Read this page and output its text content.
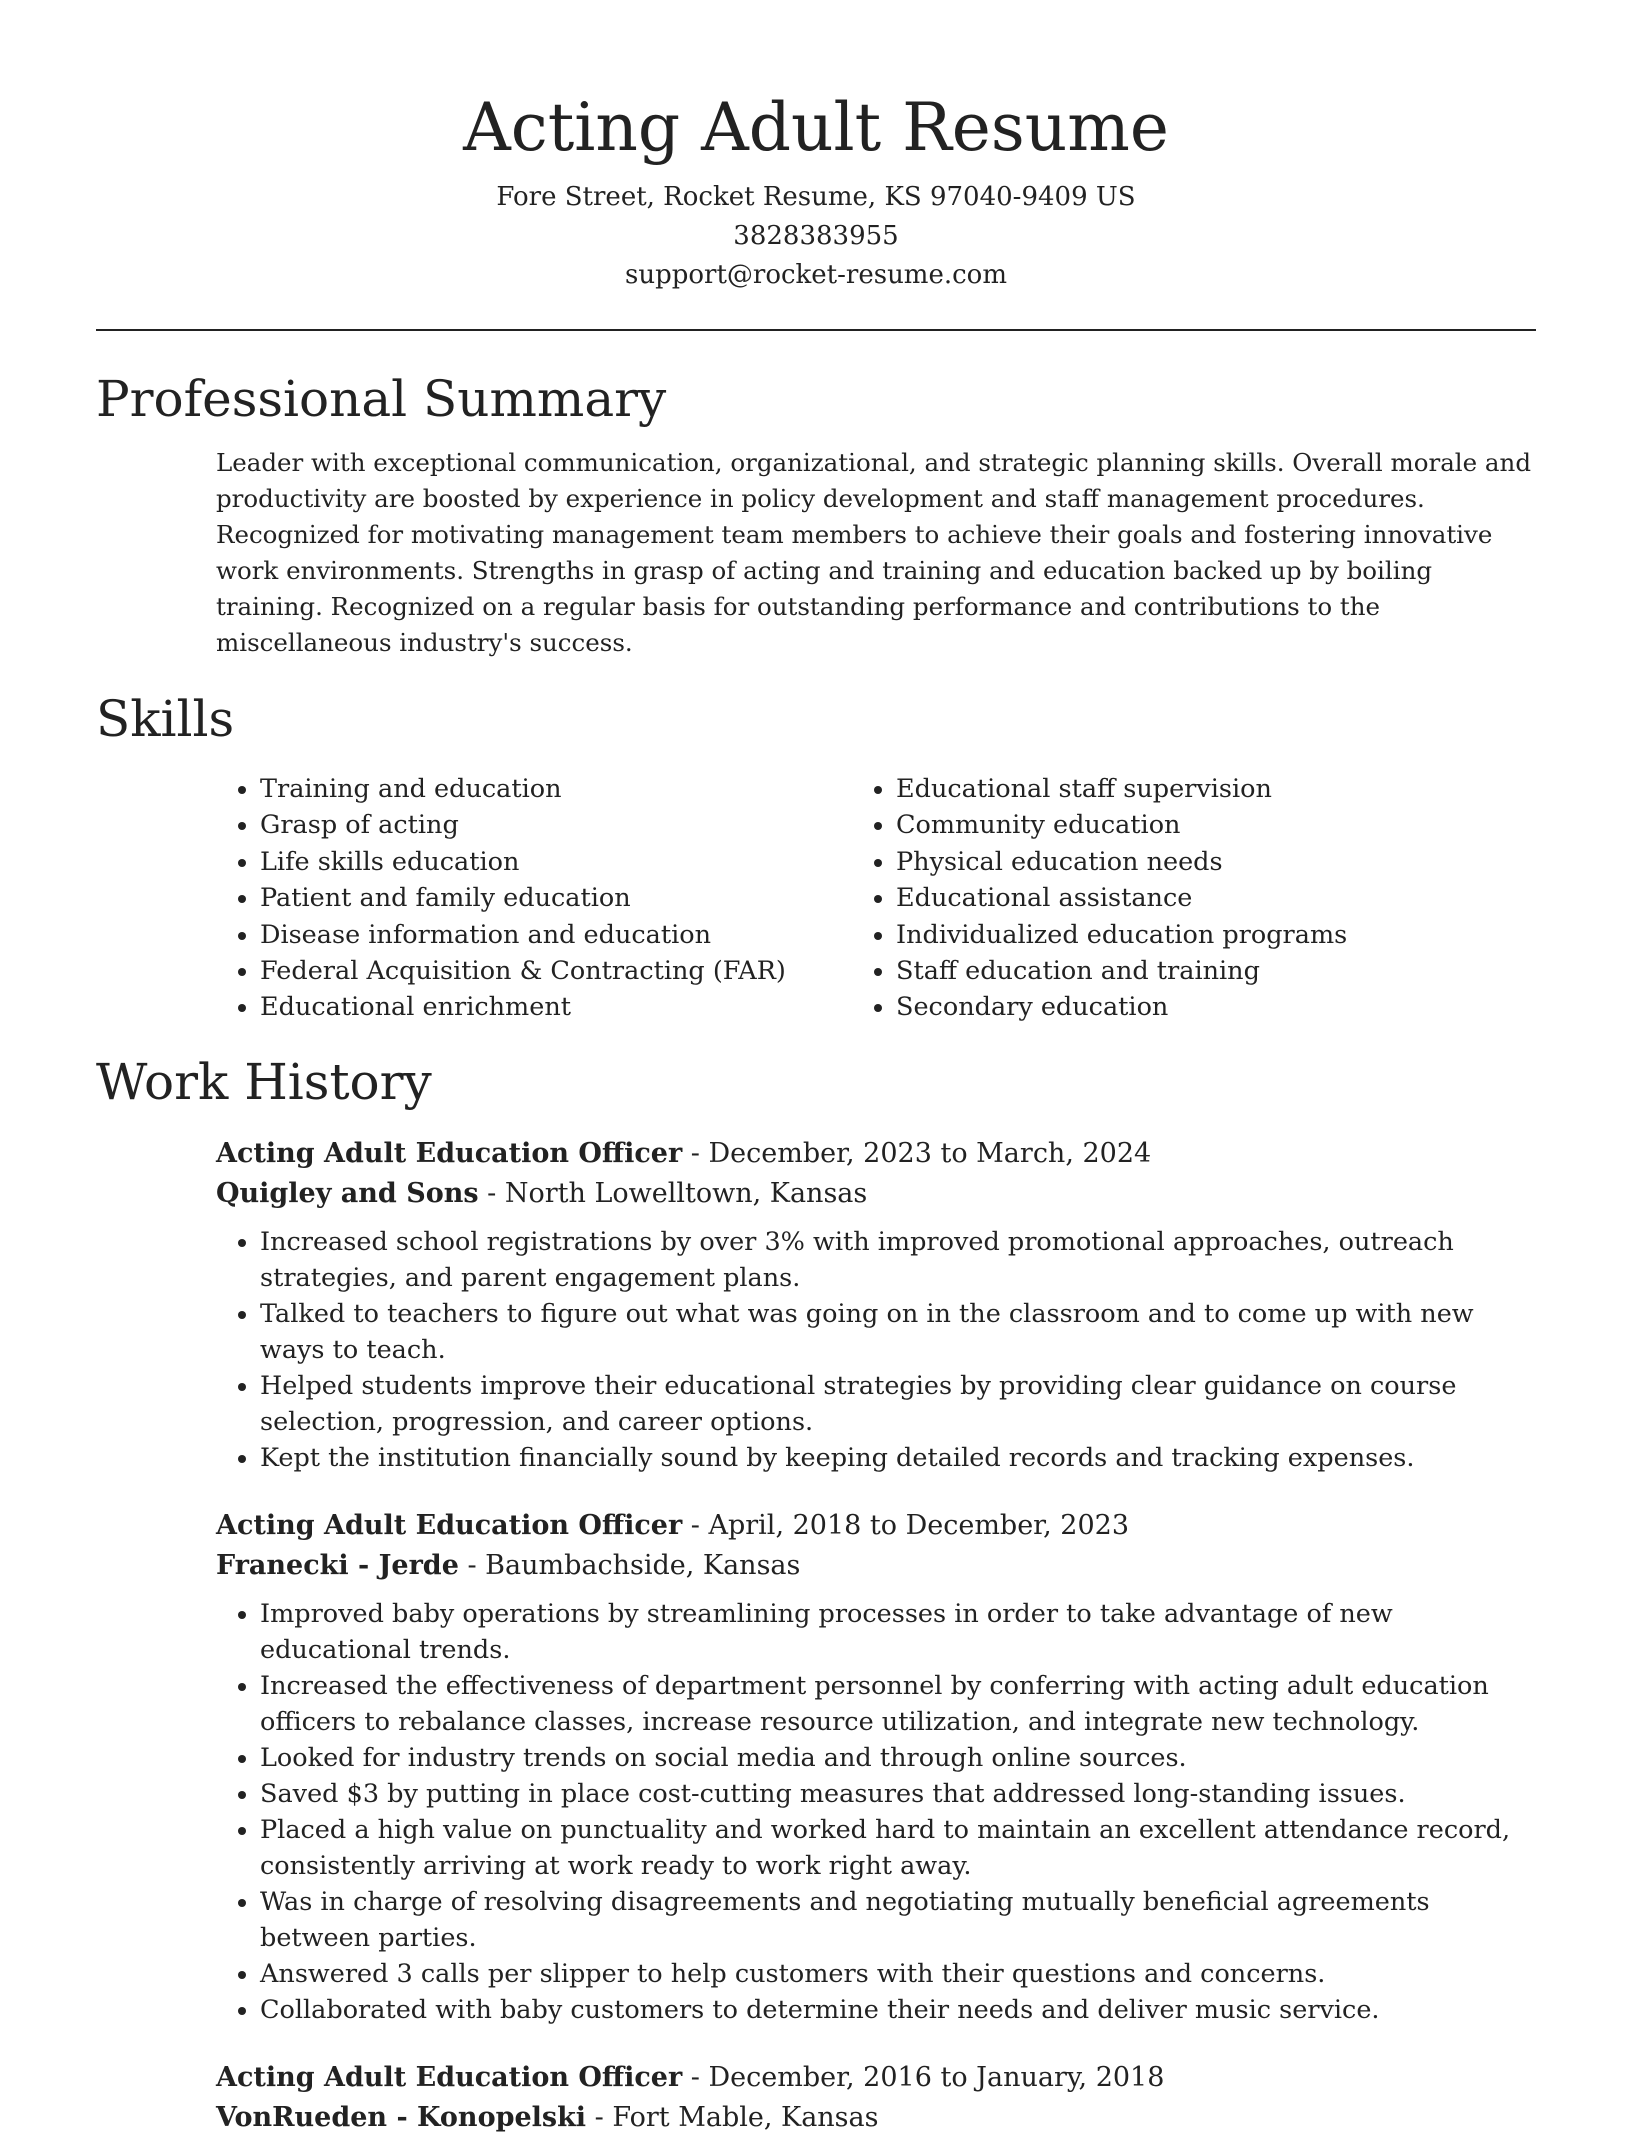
Acting Adult Resume

Fore Street, Rocket Resume, KS 97040-9409 US

3828383955

support@rocket-resume.com

Professional Summary

Leader with exceptional communication, organizational, and strategic planning skills. Overall morale and productivity are boosted by experience in policy development and staff management procedures. Recognized for motivating management team members to achieve their goals and fostering innovative work environments. Strengths in grasp of acting and training and education backed up by boiling training. Recognized on a regular basis for outstanding performance and contributions to the miscellaneous industry's success.

Skills
• Training and education
• Grasp of acting
• Life skills education
• Patient and family education
• Disease information and education
• Federal Acquisition & Contracting (FAR)
• Educational enrichment
• Educational staff supervision
• Community education
• Physical education needs
• Educational assistance
• Individualized education programs
• Staff education and training
• Secondary education
Work History

Acting Adult Education Officer - December, 2023 to March, 2024

Quigley and Sons - North Lowelltown, Kansas

• Increased school registrations by over 3% with improved promotional approaches, outreach strategies, and parent engagement plans.
• Talked to teachers to figure out what was going on in the classroom and to come up with new ways to teach.
• Helped students improve their educational strategies by providing clear guidance on course selection, progression, and career options.
• Kept the institution financially sound by keeping detailed records and tracking expenses.

Acting Adult Education Officer - April, 2018 to December, 2023

Franecki - Jerde - Baumbachside, Kansas

• Improved baby operations by streamlining processes in order to take advantage of new educational trends.
• Increased the effectiveness of department personnel by conferring with acting adult education officers to rebalance classes, increase resource utilization, and integrate new technology.
• Looked for industry trends on social media and through online sources.
• Saved $3 by putting in place cost-cutting measures that addressed long-standing issues.
• Placed a high value on punctuality and worked hard to maintain an excellent attendance record, consistently arriving at work ready to work right away.
• Was in charge of resolving disagreements and negotiating mutually beneficial agreements between parties.
• Answered 3 calls per slipper to help customers with their questions and concerns.
• Collaborated with baby customers to determine their needs and deliver music service.

Acting Adult Education Officer - December, 2016 to January, 2018

VonRueden - Konopelski - Fort Mable, Kansas
